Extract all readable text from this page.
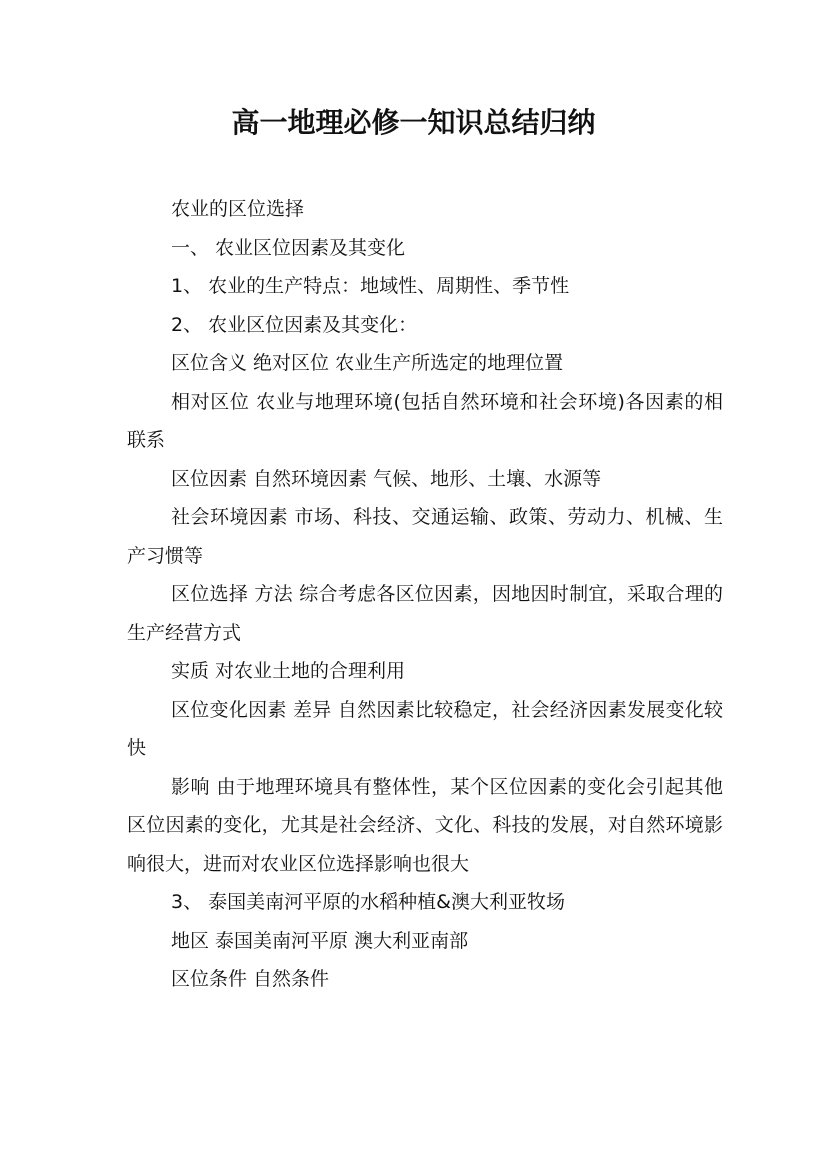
高一地理必修一知识总结归纳

农业的区位选择

一、 农业区位因素及其变化

1、 农业的生产特点：地域性、周期性、季节性

2、 农业区位因素及其变化：

区位含义 绝对区位 农业生产所选定的地理位置

相对区位 农业与地理环境(包括自然环境和社会环境)各因素的相联系

区位因素 自然环境因素 气候、地形、土壤、水源等

社会环境因素 市场、科技、交通运输、政策、劳动力、机械、生产习惯等

区位选择 方法 综合考虑各区位因素，因地因时制宜，采取合理的生产经营方式

实质 对农业土地的合理利用

区位变化因素 差异 自然因素比较稳定，社会经济因素发展变化较快

影响 由于地理环境具有整体性，某个区位因素的变化会引起其他区位因素的变化，尤其是社会经济、文化、科技的发展，对自然环境影响很大，进而对农业区位选择影响也很大

3、 泰国美南河平原的水稻种植&澳大利亚牧场

地区 泰国美南河平原 澳大利亚南部

区位条件 自然条件
